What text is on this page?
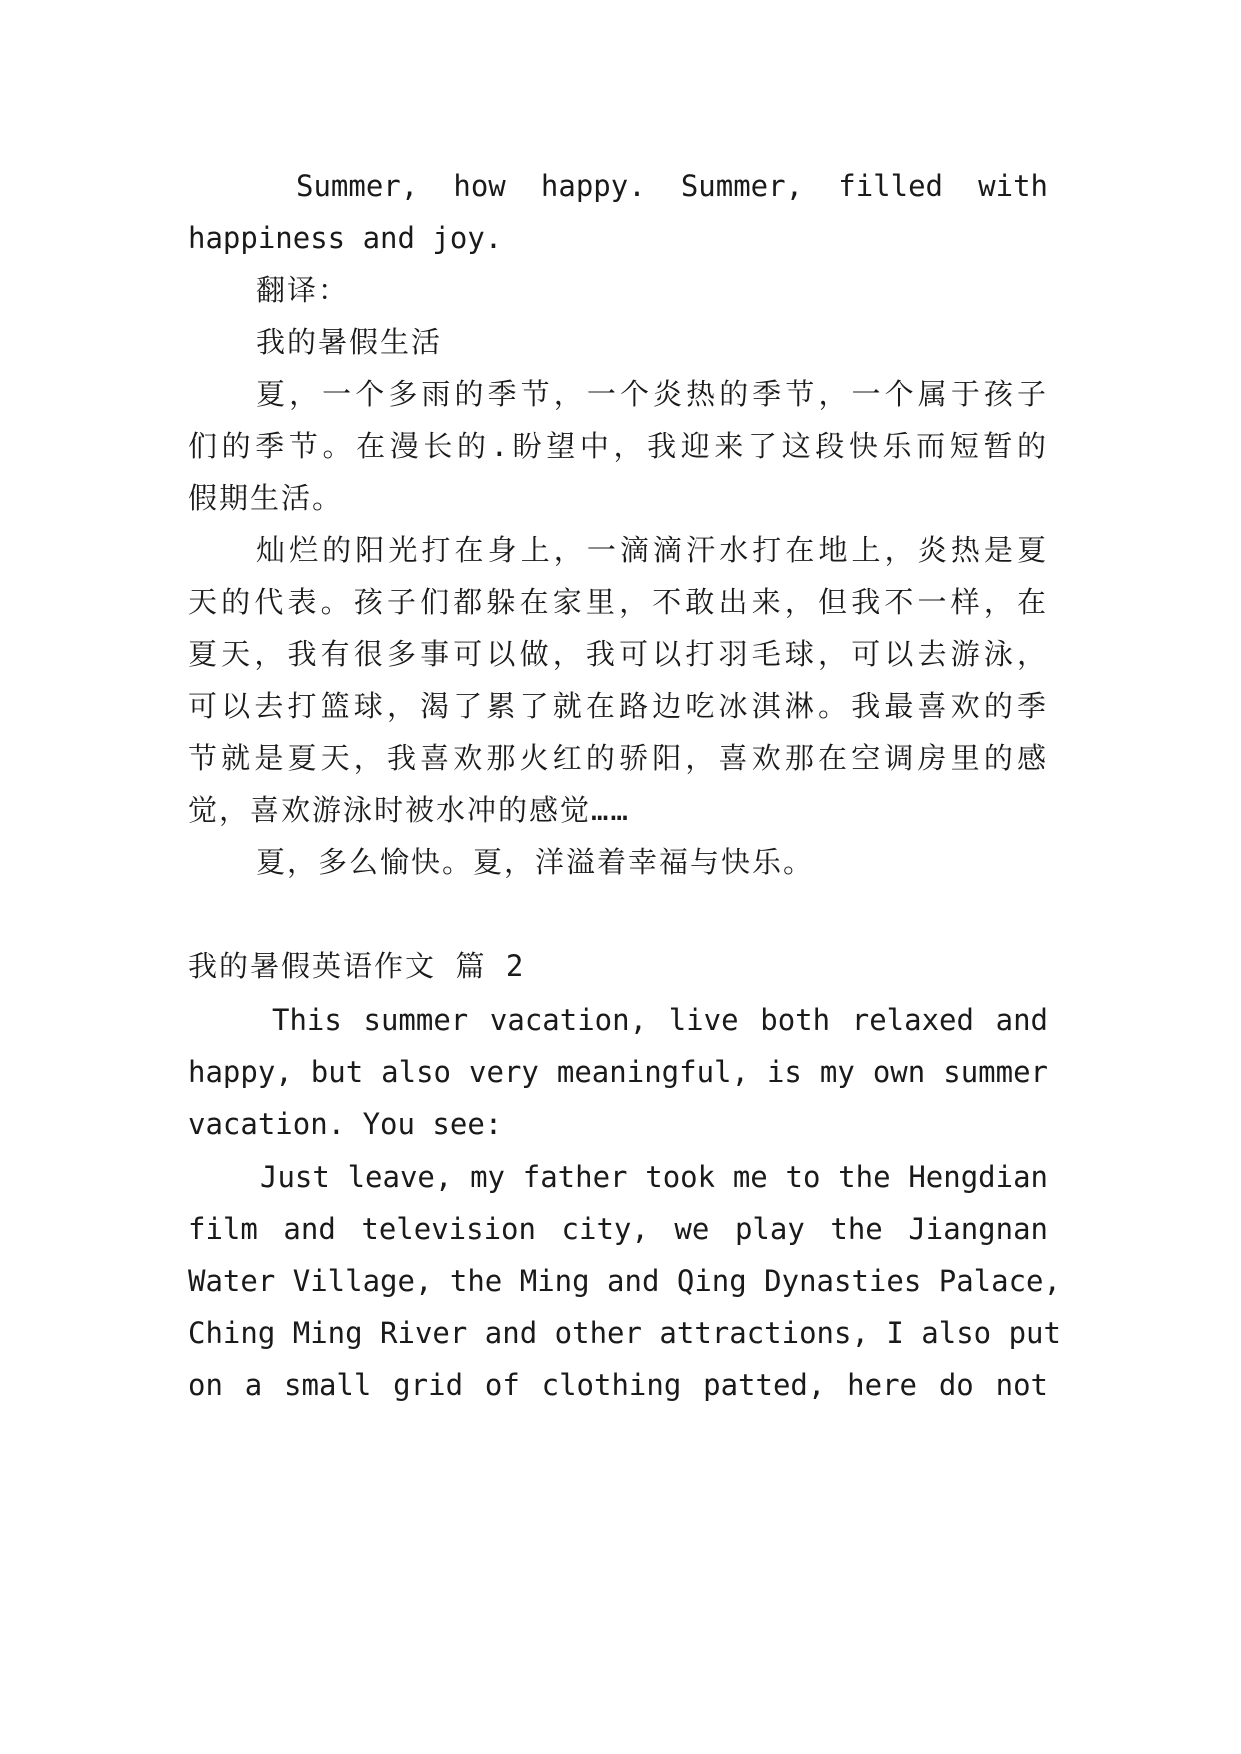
Summer, how happy. Summer, filled with
happiness and joy.
翻译：
我的暑假生活
夏，一个多雨的季节，一个炎热的季节，一个属于孩子
们的季节。在漫长的.盼望中，我迎来了这段快乐而短暂的
假期生活。
灿烂的阳光打在身上，一滴滴汗水打在地上，炎热是夏
天的代表。孩子们都躲在家里，不敢出来，但我不一样，在
夏天，我有很多事可以做，我可以打羽毛球，可以去游泳，
可以去打篮球，渴了累了就在路边吃冰淇淋。我最喜欢的季
节就是夏天，我喜欢那火红的骄阳，喜欢那在空调房里的感
觉，喜欢游泳时被水冲的感觉……
夏，多么愉快。夏，洋溢着幸福与快乐。
我的暑假英语作文 篇 2
This summer vacation, live both relaxed and
happy, but also very meaningful, is my own summer
vacation. You see:
Just leave, my father took me to the Hengdian
film and television city, we play the Jiangnan
Water Village, the Ming and Qing Dynasties Palace,
Ching Ming River and other attractions, I also put
on a small grid of clothing patted, here do not
